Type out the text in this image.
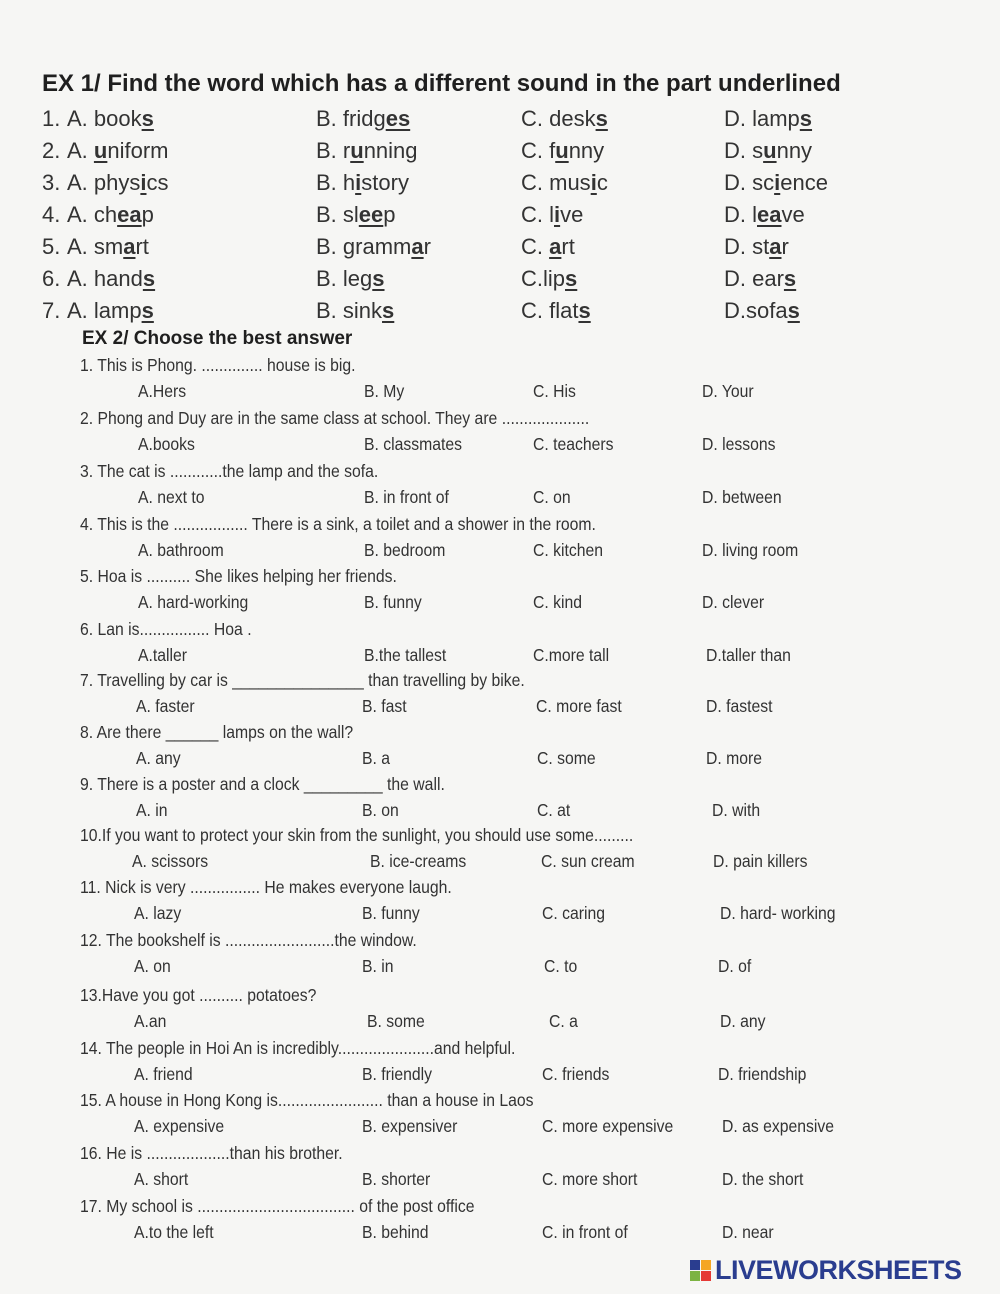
EX 1/ Find the word which has a different sound in the part underlined
1. A. books	B. fridges	C. desks	D. lamps
2. A. uniform	B. running	C. funny	D. sunny
3. A. physics	B. history	C. music	D. science
4. A. cheap	B. sleep	C. live	D. leave
5. A. smart	B. grammar	C. art	D. star
6. A. hands	B. legs	C.lips	D. ears
7. A. lamps	B. sinks	C. flats	D.sofas
EX 2/ Choose the best answer
1. This is Phong. .............. house is big.
A.Hers	B. My	C. His	D. Your
2. Phong and Duy are in the same class at school. They are ....................
A.books	B. classmates	C. teachers	D. lessons
3. The cat is ............the lamp and the sofa.
A. next to	B. in front of	C. on	D. between
4. This is the ................. There is a sink, a toilet and a shower in the room.
A. bathroom	B. bedroom	C. kitchen	D. living room
5. Hoa is .......... She likes helping her friends.
A. hard-working	B. funny	C. kind	D. clever
6. Lan is................ Hoa .
A.taller	B.the tallest	C.more tall	D.taller than
7. Travelling by car is _______________ than travelling by bike.
A. faster	B. fast	C. more fast	D. fastest
8. Are there ______ lamps on the wall?
A. any	B. a	C. some	D. more
9. There is a poster and a clock _________ the wall.
A. in	B. on	C. at	D. with
10.If you want to protect your skin from the sunlight, you should use some.........
A. scissors	B. ice-creams	C. sun cream	D. pain killers
11. Nick is very ................ He makes everyone laugh.
A. lazy	B. funny	C. caring	D. hard- working
12. The bookshelf is .........................the window.
A. on	B. in	C. to	D. of
13.Have you got .......... potatoes?
A.an	B. some	C. a	D. any
14. The people in Hoi An is incredibly......................and helpful.
A. friend	B. friendly	C. friends	D. friendship
15. A house in Hong Kong is........................ than a house in Laos
A. expensive	B. expensiver	C. more expensive	D. as expensive
16. He is ...................than his brother.
A. short	B. shorter	C. more short	D. the short
17. My school is .................................... of the post office
A.to the left	B. behind	C. in front of	D. near
LIVEWORKSHEETS
